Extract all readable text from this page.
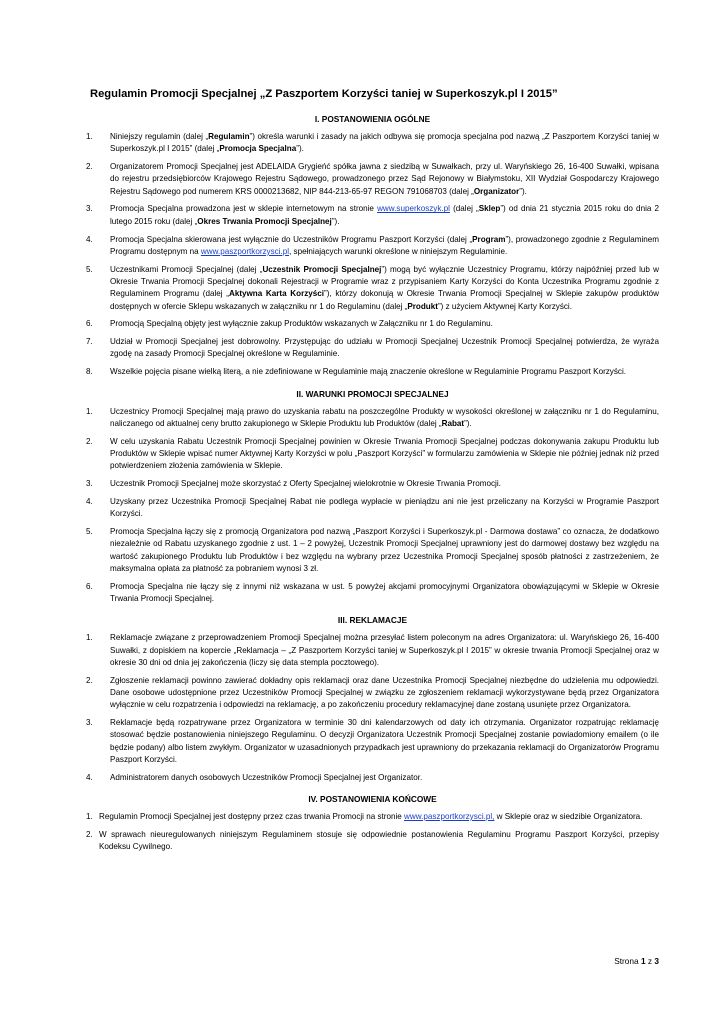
Regulamin Promocji Specjalnej „Z Paszportem Korzyści taniej w Superkoszyk.pl I 2015”
I. POSTANOWIENIA OGÓLNE
1.	Niniejszy regulamin (dalej „Regulamin”) określa warunki i zasady na jakich odbywa się promocja specjalna pod nazwą „Z Paszportem Korzyści taniej w Superkoszyk.pl I 2015” (dalej „Promocja Specjalna”).
2.	Organizatorem Promocji Specjalnej jest ADELAIDA Grygieńć spółka jawna z siedzibą w Suwałkach, przy ul. Waryńskiego 26, 16-400 Suwałki, wpisana do rejestru przedsiębiorców Krajowego Rejestru Sądowego, prowadzonego przez Sąd Rejonowy w Białymstoku, XII Wydział Gospodarczy Krajowego Rejestru Sądowego pod numerem KRS 0000213682, NIP 844-213-65-97 REGON 791068703 (dalej „Organizator”).
3.	Promocja Specjalna prowadzona jest w sklepie internetowym na stronie www.superkoszyk.pl (dalej „Sklep”) od dnia 21 stycznia 2015 roku do dnia 2 lutego 2015 roku (dalej „Okres Trwania Promocji Specjalnej”).
4.	Promocja Specjalna skierowana jest wyłącznie do Uczestników Programu Paszport Korzyści (dalej „Program”), prowadzonego zgodnie z Regulaminem Programu dostępnym na www.paszportkorzysci.pl, spełniających warunki określone w niniejszym Regulaminie.
5.	Uczestnikami Promocji Specjalnej (dalej „Uczestnik Promocji Specjalnej”) mogą być wyłącznie Uczestnicy Programu, którzy najpóźniej przed lub w Okresie Trwania Promocji Specjalnej dokonali Rejestracji w Programie wraz z przypisaniem Karty Korzyści do Konta Uczestnika Programu zgodnie z Regulaminem Programu (dalej „Aktywna Karta Korzyści”), którzy dokonują w Okresie Trwania Promocji Specjalnej w Sklepie zakupów produktów dostępnych w ofercie Sklepu wskazanych w załączniku nr 1 do Regulaminu (dalej „Produkt”) z użyciem Aktywnej Karty Korzyści.
6.	Promocją Specjalną objęty jest wyłącznie zakup Produktów wskazanych w Załączniku nr 1 do Regulaminu.
7.	Udział w Promocji Specjalnej jest dobrowolny. Przystępując do udziału w Promocji Specjalnej Uczestnik Promocji Specjalnej potwierdza, że wyraża zgodę na zasady Promocji Specjalnej określone w Regulaminie.
8.	Wszelkie pojęcia pisane wielką literą, a nie zdefiniowane w Regulaminie mają znaczenie określone w Regulaminie Programu Paszport Korzyści.
II. WARUNKI PROMOCJI SPECJALNEJ
1.	Uczestnicy Promocji Specjalnej mają prawo do uzyskania rabatu na poszczególne Produkty w wysokości określonej w załączniku nr 1 do Regulaminu, naliczanego od aktualnej ceny brutto zakupionego w Sklepie Produktu lub Produktów (dalej „Rabat”).
2.	W celu uzyskania Rabatu Uczestnik Promocji Specjalnej powinien w Okresie Trwania Promocji Specjalnej podczas dokonywania zakupu Produktu lub Produktów w Sklepie wpisać numer Aktywnej Karty Korzyści w polu „Paszport Korzyści” w formularzu zamówienia w Sklepie nie później jednak niż przed potwierdzeniem złożenia zamówienia w Sklepie.
3.	Uczestnik Promocji Specjalnej może skorzystać z Oferty Specjalnej wielokrotnie w Okresie Trwania Promocji.
4.	Uzyskany przez Uczestnika Promocji Specjalnej Rabat nie podlega wypłacie w pieniądzu ani nie jest przeliczany na Korzyści w Programie Paszport Korzyści.
5.	Promocja Specjalna łączy się z promocją Organizatora pod nazwą „Paszport Korzyści i Superkoszyk.pl - Darmowa dostawa” co oznacza, że dodatkowo niezależnie od Rabatu uzyskanego zgodnie z ust. 1 – 2 powyżej, Uczestnik Promocji Specjalnej uprawniony jest do darmowej dostawy bez względu na wartość zakupionego Produktu lub Produktów i bez względu na wybrany przez Uczestnika Promocji Specjalnej sposób płatności z zastrzeżeniem, że maksymalna opłata za płatność za pobraniem wynosi 3 zł.
6.	Promocja Specjalna nie łączy się z innymi niż wskazana w ust. 5 powyżej akcjami promocyjnymi Organizatora obowiązującymi w Sklepie w Okresie Trwania Promocji Specjalnej.
III. REKLAMACJE
1.	Reklamacje związane z przeprowadzeniem Promocji Specjalnej można przesyłać listem poleconym na adres Organizatora: ul. Waryńskiego 26, 16-400 Suwałki, z dopiskiem na kopercie „Reklamacja – „Z Paszportem Korzyści taniej w Superkoszyk.pl I 2015” w okresie trwania Promocji Specjalnej oraz w okresie 30 dni od dnia jej zakończenia (liczy się data stempla pocztowego).
2.	Zgłoszenie reklamacji powinno zawierać dokładny opis reklamacji oraz dane Uczestnika Promocji Specjalnej niezbędne do udzielenia mu odpowiedzi. Dane osobowe udostępnione przez Uczestników Promocji Specjalnej w związku ze zgłoszeniem reklamacji wykorzystywane będą przez Organizatora wyłącznie w celu rozpatrzenia i odpowiedzi na reklamację, a po zakończeniu procedury reklamacyjnej dane zostaną usunięte przez Organizatora.
3.	Reklamacje będą rozpatrywane przez Organizatora w terminie 30 dni kalendarzowych od daty ich otrzymania. Organizator rozpatrując reklamację stosować będzie postanowienia niniejszego Regulaminu. O decyzji Organizatora Uczestnik Promocji Specjalnej zostanie powiadomiony emailem (o ile będzie podany) albo listem zwykłym. Organizator w uzasadnionych przypadkach jest uprawniony do przekazania reklamacji do Organizatorów Programu Paszport Korzyści.
4.	Administratorem danych osobowych Uczestników Promocji Specjalnej jest Organizator.
IV. POSTANOWIENIA KOŃCOWE
1. Regulamin Promocji Specjalnej jest dostępny przez czas trwania Promocji na stronie www.paszportkorzysci.pl, w Sklepie oraz w siedzibie Organizatora.
2. W sprawach nieuregulowanych niniejszym Regulaminem stosuje się odpowiednie postanowienia Regulaminu Programu Paszport Korzyści, przepisy Kodeksu Cywilnego.
Strona 1 z 3
